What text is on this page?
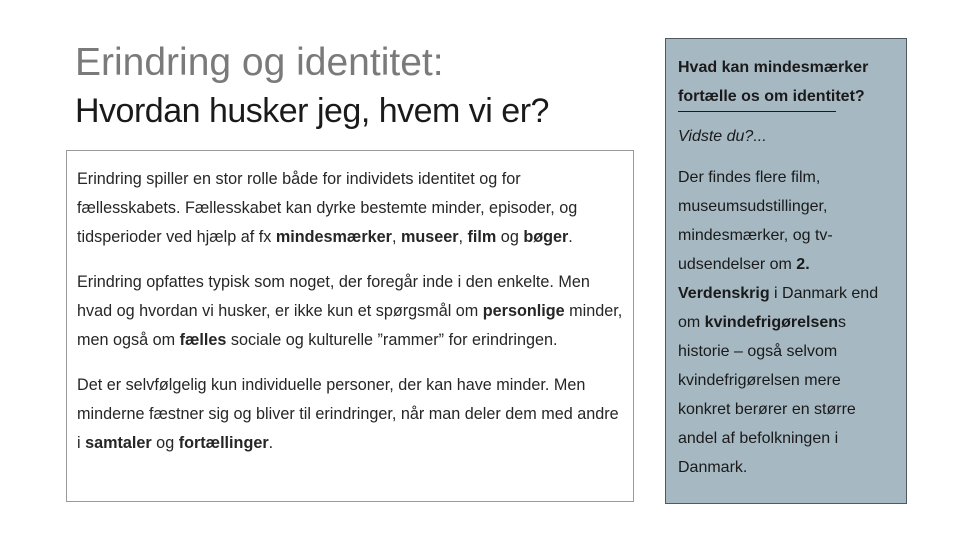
Erindring og identitet:
Hvordan husker jeg, hvem vi er?

Erindring spiller en stor rolle både for individets identitet og for fællesskabets. Fællesskabet kan dyrke bestemte minder, episoder, og tidsperioder ved hjælp af fx mindesmærker, museer, film og bøger.

Erindring opfattes typisk som noget, der foregår inde i den enkelte. Men hvad og hvordan vi husker, er ikke kun et spørgsmål om personlige minder, men også om fælles sociale og kulturelle ”rammer” for erindringen.

Det er selvfølgelig kun individuelle personer, der kan have minder. Men minderne fæstner sig og bliver til erindringer, når man deler dem med andre i samtaler og fortællinger.

Hvad kan mindesmærker fortælle os om identitet?

Vidste du?...

Der findes flere film, museumsudstillinger, mindesmærker, og tv-udsendelser om 2. Verdenskrig i Danmark end om kvindefrigørelsens historie – også selvom kvindefrigørelsen mere konkret berører en større andel af befolkningen i Danmark.
